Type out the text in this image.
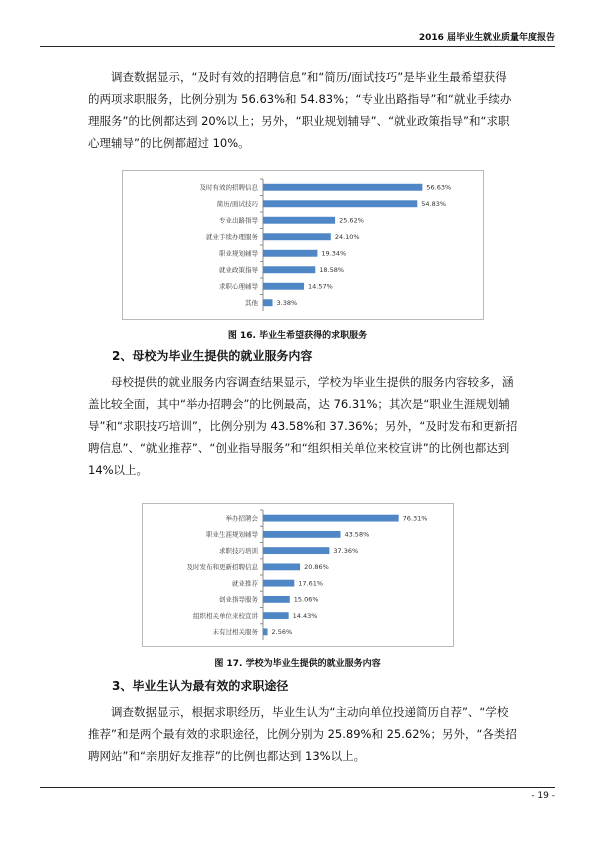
2016 届毕业生就业质量年度报告

调查数据显示，“及时有效的招聘信息”和“简历/面试技巧”是毕业生最希望获得的两项求职服务，比例分别为 56.63%和 54.83%；“专业出路指导”和“就业手续办理服务”的比例都达到 20%以上；另外，“职业规划辅导”、“就业政策指导”和“求职心理辅导”的比例都超过 10%。

及时有效的招聘信息	56.63%
简历/面试技巧	54.83%
专业出路指导	25.62%
就业手续办理服务	24.10%
职业规划辅导	19.34%
就业政策指导	18.58%
求职心理辅导	14.57%
其他	3.38%
图 16. 毕业生希望获得的求职服务

2、母校为毕业生提供的就业服务内容

母校提供的就业服务内容调查结果显示，学校为毕业生提供的服务内容较多，涵盖比较全面，其中“举办招聘会”的比例最高，达 76.31%；其次是“职业生涯规划辅导”和“求职技巧培训”，比例分别为 43.58%和 37.36%；另外，“及时发布和更新招聘信息”、“就业推荐”、“创业指导服务”和“组织相关单位来校宣讲”的比例也都达到 14%以上。

举办招聘会	76.31%
职业生涯规划辅导	43.58%
求职技巧培训	37.36%
及时发布和更新招聘信息	20.86%
就业推荐	17.61%
创业指导服务	15.06%
组织相关单位来校宣讲	14.43%
未有过相关服务 2.56%
图 17. 学校为毕业生提供的就业服务内容

3、毕业生认为最有效的求职途径

调查数据显示，根据求职经历，毕业生认为“主动向单位投递简历自荐”、“学校推荐”和是两个最有效的求职途径，比例分别为 25.89%和 25.62%；另外，“各类招聘网站”和“亲朋好友推荐”的比例也都达到 13%以上。

- 19 -
